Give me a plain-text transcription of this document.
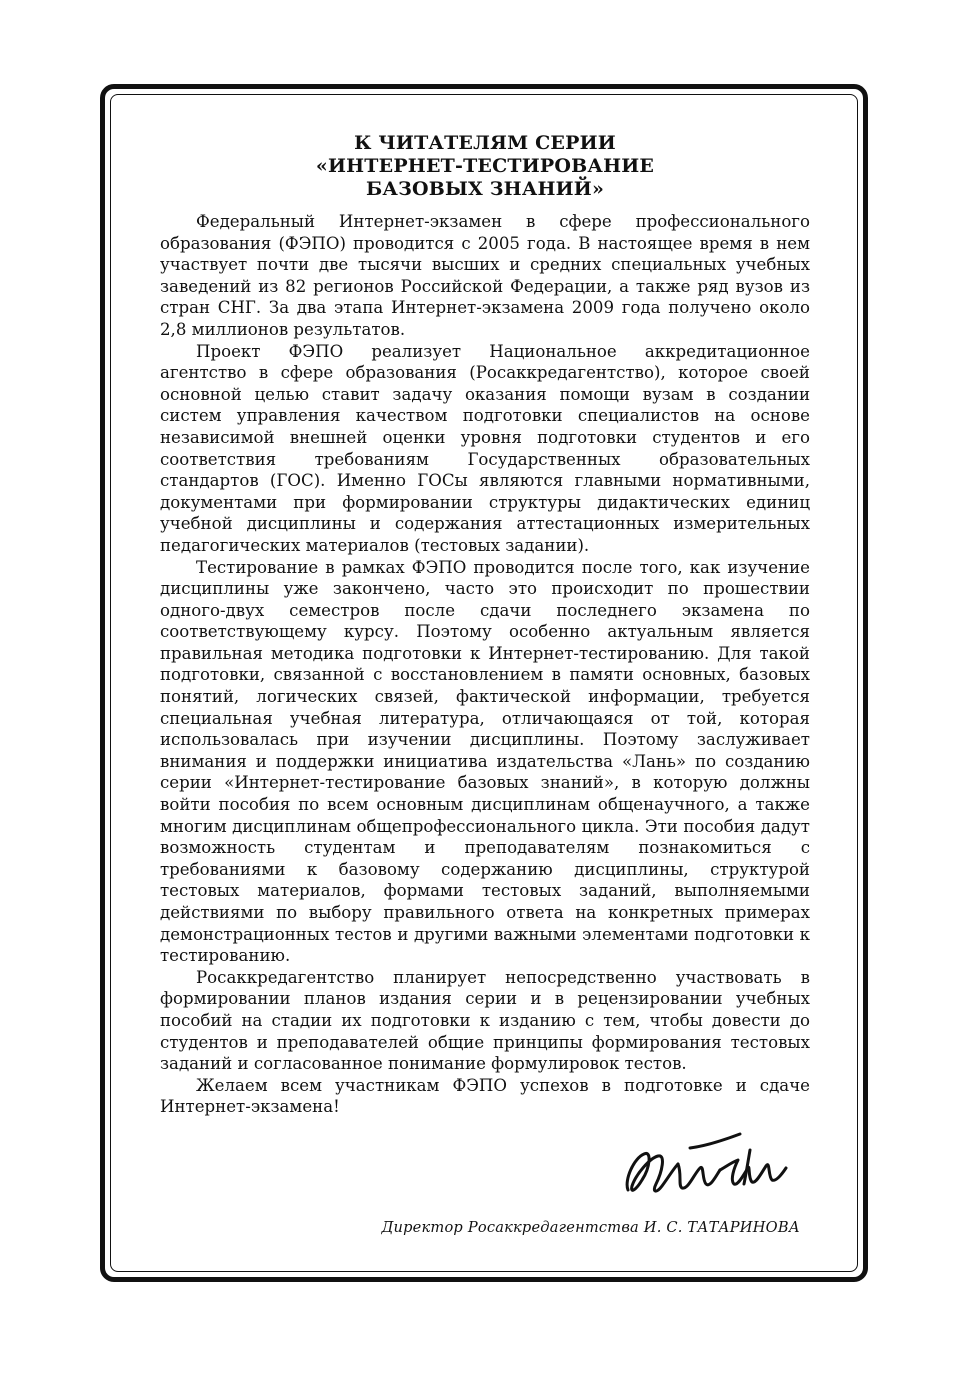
К ЧИТАТЕЛЯМ СЕРИИ
«ИНТЕРНЕТ-ТЕСТИРОВАНИЕ
БАЗОВЫХ ЗНАНИЙ»

Федеральный Интернет-экзамен в сфере профессионального образования (ФЭПО) проводится с 2005 года. В настоящее время в нем участвует почти две тысячи высших и средних специальных учебных заведений из 82 регионов Российской Федерации, а также ряд вузов из стран СНГ. За два этапа Интернет-экзамена 2009 года получено около 2,8 миллионов результатов.

Проект ФЭПО реализует Национальное аккредитационное агентство в сфере образования (Росаккредагентство), которое своей основной целью ставит задачу оказания помощи вузам в создании систем управления качеством подготовки специалистов на основе независимой внешней оценки уровня подготовки студентов и его соответствия требованиям Государственных образовательных стандартов (ГОС). Именно ГОСы являются главными нормативными, документами при формировании структуры дидактических единиц учебной дисциплины и содержания аттестационных измерительных педагогических материалов (тестовых задании).

Тестирование в рамках ФЭПО проводится после того, как изучение дисциплины уже закончено, часто это происходит по прошествии одного-двух семестров после сдачи последнего экзамена по соответствующему курсу. Поэтому особенно актуальным является правильная методика подготовки к Интернет-тестированию. Для такой подготовки, связанной с восстановлением в памяти основных, базовых понятий, логических связей, фактической информации, требуется специальная учебная литература, отличающаяся от той, которая использовалась при изучении дисциплины. Поэтому заслуживает внимания и поддержки инициатива издательства «Лань» по созданию серии «Интернет-тестирование базовых знаний», в которую должны войти пособия по всем основным дисциплинам общенаучного, а также многим дисциплинам общепрофессионального цикла. Эти пособия дадут возможность студентам и преподавателям познакомиться с требованиями к базовому содержанию дисциплины, структурой тестовых материалов, формами тестовых заданий, выполняемыми действиями по выбору правильного ответа на конкретных примерах демонстрационных тестов и другими важными элементами подготовки к тестированию.

Росаккредагентство планирует непосредственно участвовать в формировании планов издания серии и в рецензировании учебных пособий на стадии их подготовки к изданию с тем, чтобы довести до студентов и преподавателей общие принципы формирования тестовых заданий и согласованное понимание формулировок тестов.

Желаем всем участникам ФЭПО успехов в подготовке и сдаче Интернет-экзамена!

Директор Росаккредагентства И. С. ТАТАРИНОВА
